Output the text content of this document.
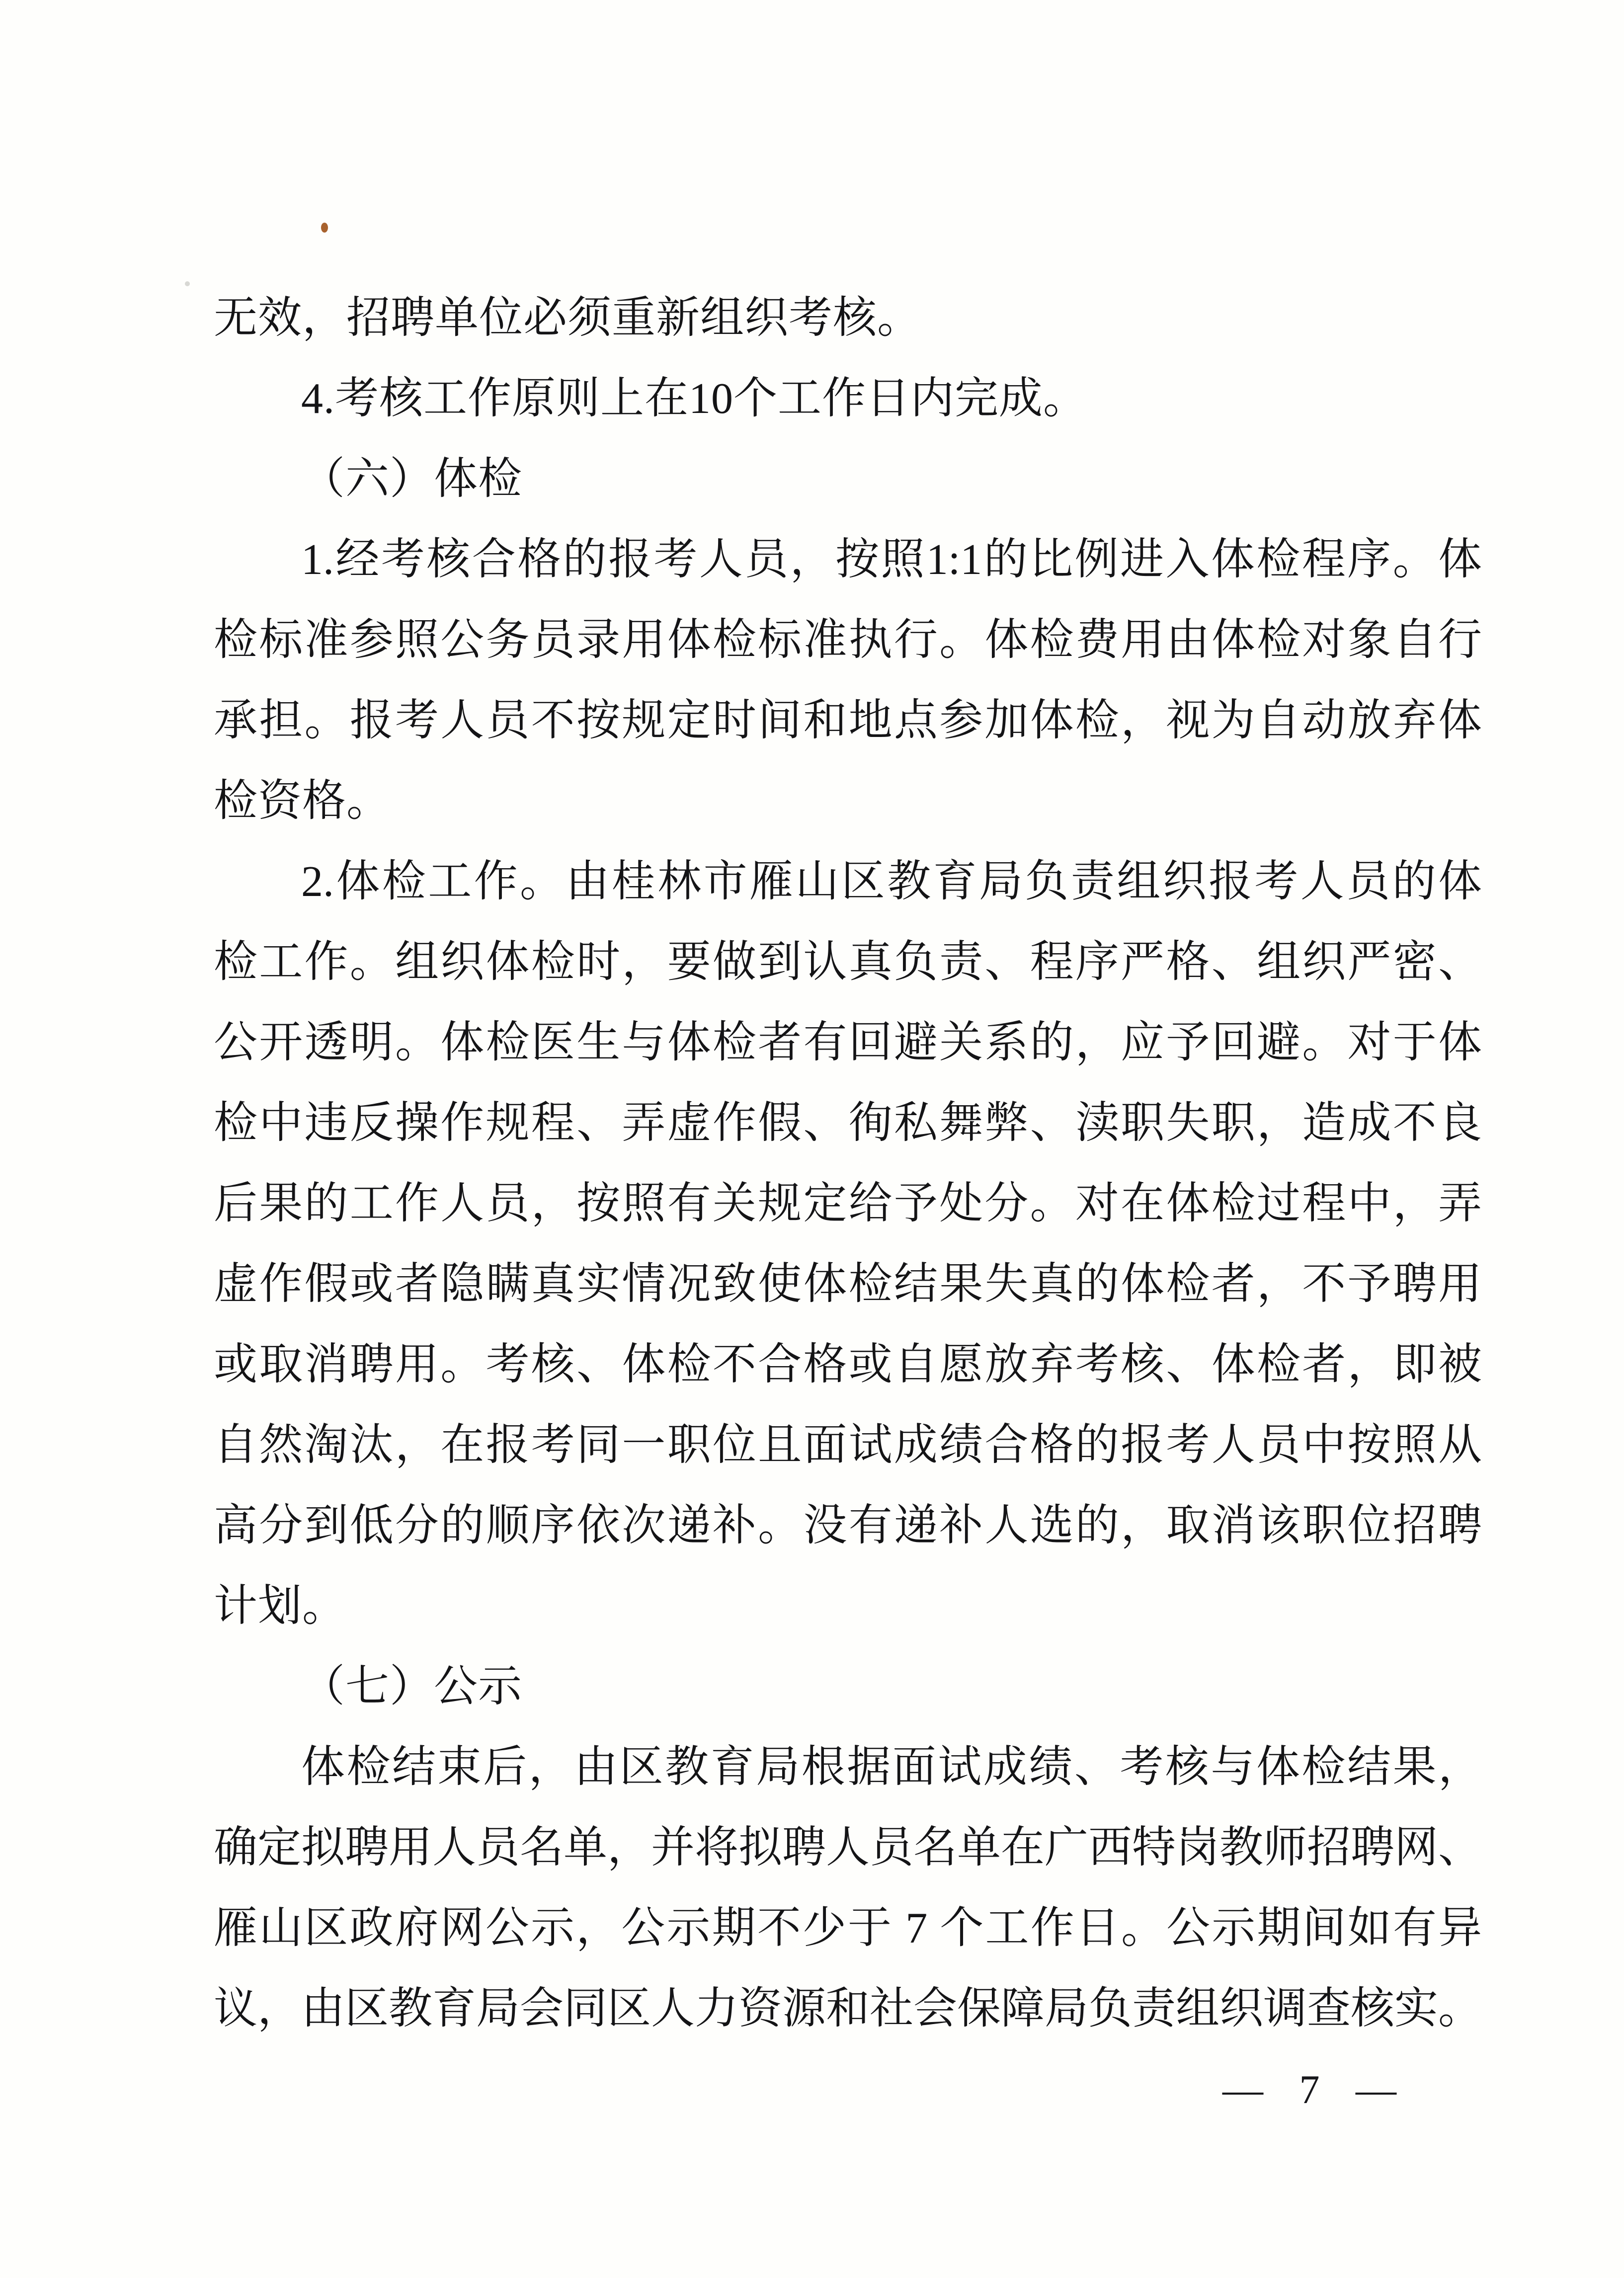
无效，招聘单位必须重新组织考核。
4.考核工作原则上在10个工作日内完成。
（六）体检
1.经考核合格的报考人员，按照1:1的比例进入体检程序。体
检标准参照公务员录用体检标准执行。体检费用由体检对象自行
承担。报考人员不按规定时间和地点参加体检，视为自动放弃体
检资格。
2.体检工作。由桂林市雁山区教育局负责组织报考人员的体
检工作。组织体检时，要做到认真负责、程序严格、组织严密、
公开透明。体检医生与体检者有回避关系的，应予回避。对于体
检中违反操作规程、弄虚作假、徇私舞弊、渎职失职，造成不良
后果的工作人员，按照有关规定给予处分。对在体检过程中，弄
虚作假或者隐瞒真实情况致使体检结果失真的体检者，不予聘用
或取消聘用。考核、体检不合格或自愿放弃考核、体检者，即被
自然淘汰，在报考同一职位且面试成绩合格的报考人员中按照从
高分到低分的顺序依次递补。没有递补人选的，取消该职位招聘
计划。
（七）公示
体检结束后，由区教育局根据面试成绩、考核与体检结果，
确定拟聘用人员名单，并将拟聘人员名单在广西特岗教师招聘网、
雁山区政府网公示，公示期不少于 7 个工作日。公示期间如有异
议，由区教育局会同区人力资源和社会保障局负责组织调查核实。
— 7 —
